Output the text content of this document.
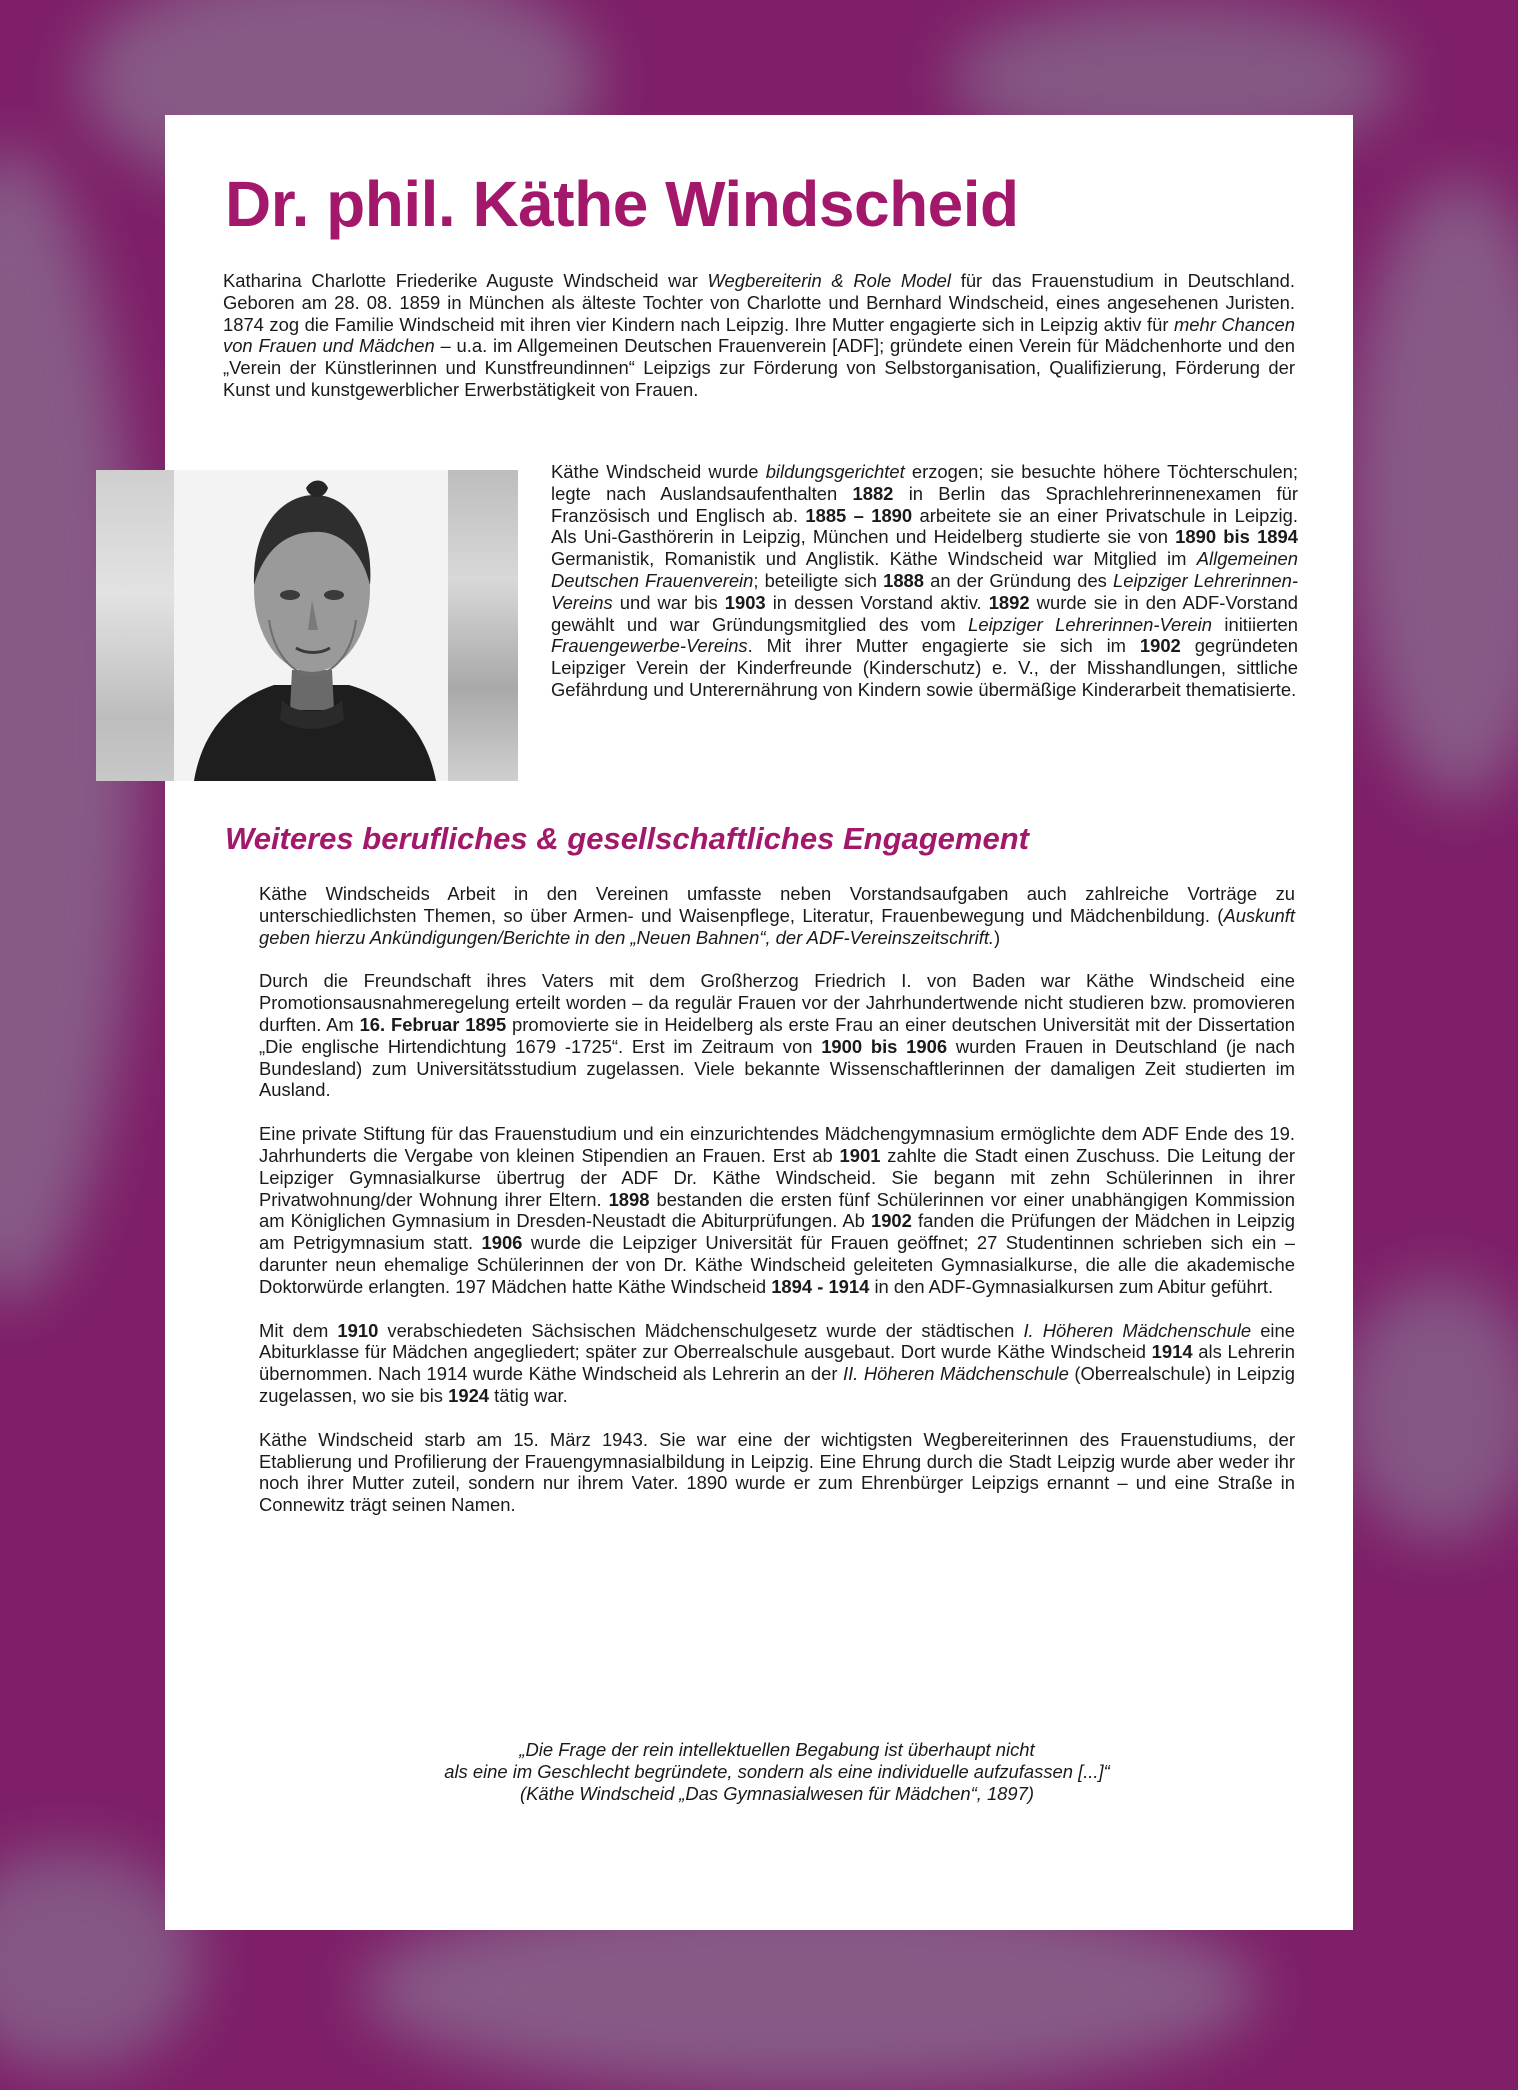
Dr. phil. Käthe Windscheid

Katharina Charlotte Friederike Auguste Windscheid war Wegbereiterin & Role Model für das Frauenstudium in Deutschland. Geboren am 28. 08. 1859 in München als älteste Tochter von Charlotte und Bernhard Windscheid, eines angesehenen Juristen. 1874 zog die Familie Windscheid mit ihren vier Kindern nach Leipzig. Ihre Mutter engagierte sich in Leipzig aktiv für mehr Chancen von Frauen und Mädchen – u.a. im Allgemeinen Deutschen Frauenverein [ADF]; gründete einen Verein für Mädchenhorte und den „Verein der Künstlerinnen und Kunstfreundinnen“ Leipzigs zur Förderung von Selbstorganisation, Qualifizierung, Förderung der Kunst und kunstgewerblicher Erwerbstätigkeit von Frauen.

Käthe Windscheid wurde bildungsgerichtet erzogen; sie besuchte höhere Töchterschulen; legte nach Auslandsaufenthalten 1882 in Berlin das Sprachlehrerinnenexamen für Französisch und Englisch ab. 1885 – 1890 arbeitete sie an einer Privatschule in Leipzig. Als Uni-Gasthörerin in Leipzig, München und Heidelberg studierte sie von 1890 bis 1894 Germanistik, Romanistik und Anglistik. Käthe Windscheid war Mitglied im Allgemeinen Deutschen Frauenverein; beteiligte sich 1888 an der Gründung des Leipziger Lehrerinnen-Vereins und war bis 1903 in dessen Vorstand aktiv. 1892 wurde sie in den ADF-Vorstand gewählt und war Gründungsmitglied des vom Leipziger Lehrerinnen-Verein initiierten Frauengewerbe-Vereins. Mit ihrer Mutter engagierte sie sich im 1902 gegründeten Leipziger Verein der Kinderfreunde (Kinderschutz) e. V., der Misshandlungen, sittliche Gefährdung und Unterernährung von Kindern sowie übermäßige Kinderarbeit thematisierte.

Weiteres berufliches & gesellschaftliches Engagement

Käthe Windscheids Arbeit in den Vereinen umfasste neben Vorstandsaufgaben auch zahlreiche Vorträge zu unterschiedlichsten Themen, so über Armen- und Waisenpflege, Literatur, Frauenbewegung und Mädchenbildung. (Auskunft geben hierzu Ankündigungen/Berichte in den „Neuen Bahnen“, der ADF-Vereinszeitschrift.)

Durch die Freundschaft ihres Vaters mit dem Großherzog Friedrich I. von Baden war Käthe Windscheid eine Promotionsausnahmeregelung erteilt worden – da regulär Frauen vor der Jahrhundertwende nicht studieren bzw. promovieren durften. Am 16. Februar 1895 promovierte sie in Heidelberg als erste Frau an einer deutschen Universität mit der Dissertation „Die englische Hirtendichtung 1679 -1725“. Erst im Zeitraum von 1900 bis 1906 wurden Frauen in Deutschland (je nach Bundesland) zum Universitätsstudium zugelassen. Viele bekannte Wissenschaftlerinnen der damaligen Zeit studierten im Ausland.

Eine private Stiftung für das Frauenstudium und ein einzurichtendes Mädchengymnasium ermöglichte dem ADF Ende des 19. Jahrhunderts die Vergabe von kleinen Stipendien an Frauen. Erst ab 1901 zahlte die Stadt einen Zuschuss. Die Leitung der Leipziger Gymnasialkurse übertrug der ADF Dr. Käthe Windscheid. Sie begann mit zehn Schülerinnen in ihrer Privatwohnung/der Wohnung ihrer Eltern. 1898 bestanden die ersten fünf Schülerinnen vor einer unabhängigen Kommission am Königlichen Gymnasium in Dresden-Neustadt die Abiturprüfungen. Ab 1902 fanden die Prüfungen der Mädchen in Leipzig am Petrigymnasium statt. 1906 wurde die Leipziger Universität für Frauen geöffnet; 27 Studentinnen schrieben sich ein – darunter neun ehemalige Schülerinnen der von Dr. Käthe Windscheid geleiteten Gymnasialkurse, die alle die akademische Doktorwürde erlangten. 197 Mädchen hatte Käthe Windscheid 1894 - 1914 in den ADF-Gymnasialkursen zum Abitur geführt.

Mit dem 1910 verabschiedeten Sächsischen Mädchenschulgesetz wurde der städtischen I. Höheren Mädchenschule eine Abiturklasse für Mädchen angegliedert; später zur Oberrealschule ausgebaut. Dort wurde Käthe Windscheid 1914 als Lehrerin übernommen. Nach 1914 wurde Käthe Windscheid als Lehrerin an der II. Höheren Mädchenschule (Oberrealschule) in Leipzig zugelassen, wo sie bis 1924 tätig war.

Käthe Windscheid starb am 15. März 1943. Sie war eine der wichtigsten Wegbereiterinnen des Frauenstudiums, der Etablierung und Profilierung der Frauengymnasialbildung in Leipzig. Eine Ehrung durch die Stadt Leipzig wurde aber weder ihr noch ihrer Mutter zuteil, sondern nur ihrem Vater. 1890 wurde er zum Ehrenbürger Leipzigs ernannt – und eine Straße in Connewitz trägt seinen Namen.

„Die Frage der rein intellektuellen Begabung ist überhaupt nicht
als eine im Geschlecht begründete, sondern als eine individuelle aufzufassen [...]“
(Käthe Windscheid „Das Gymnasialwesen für Mädchen“, 1897)
